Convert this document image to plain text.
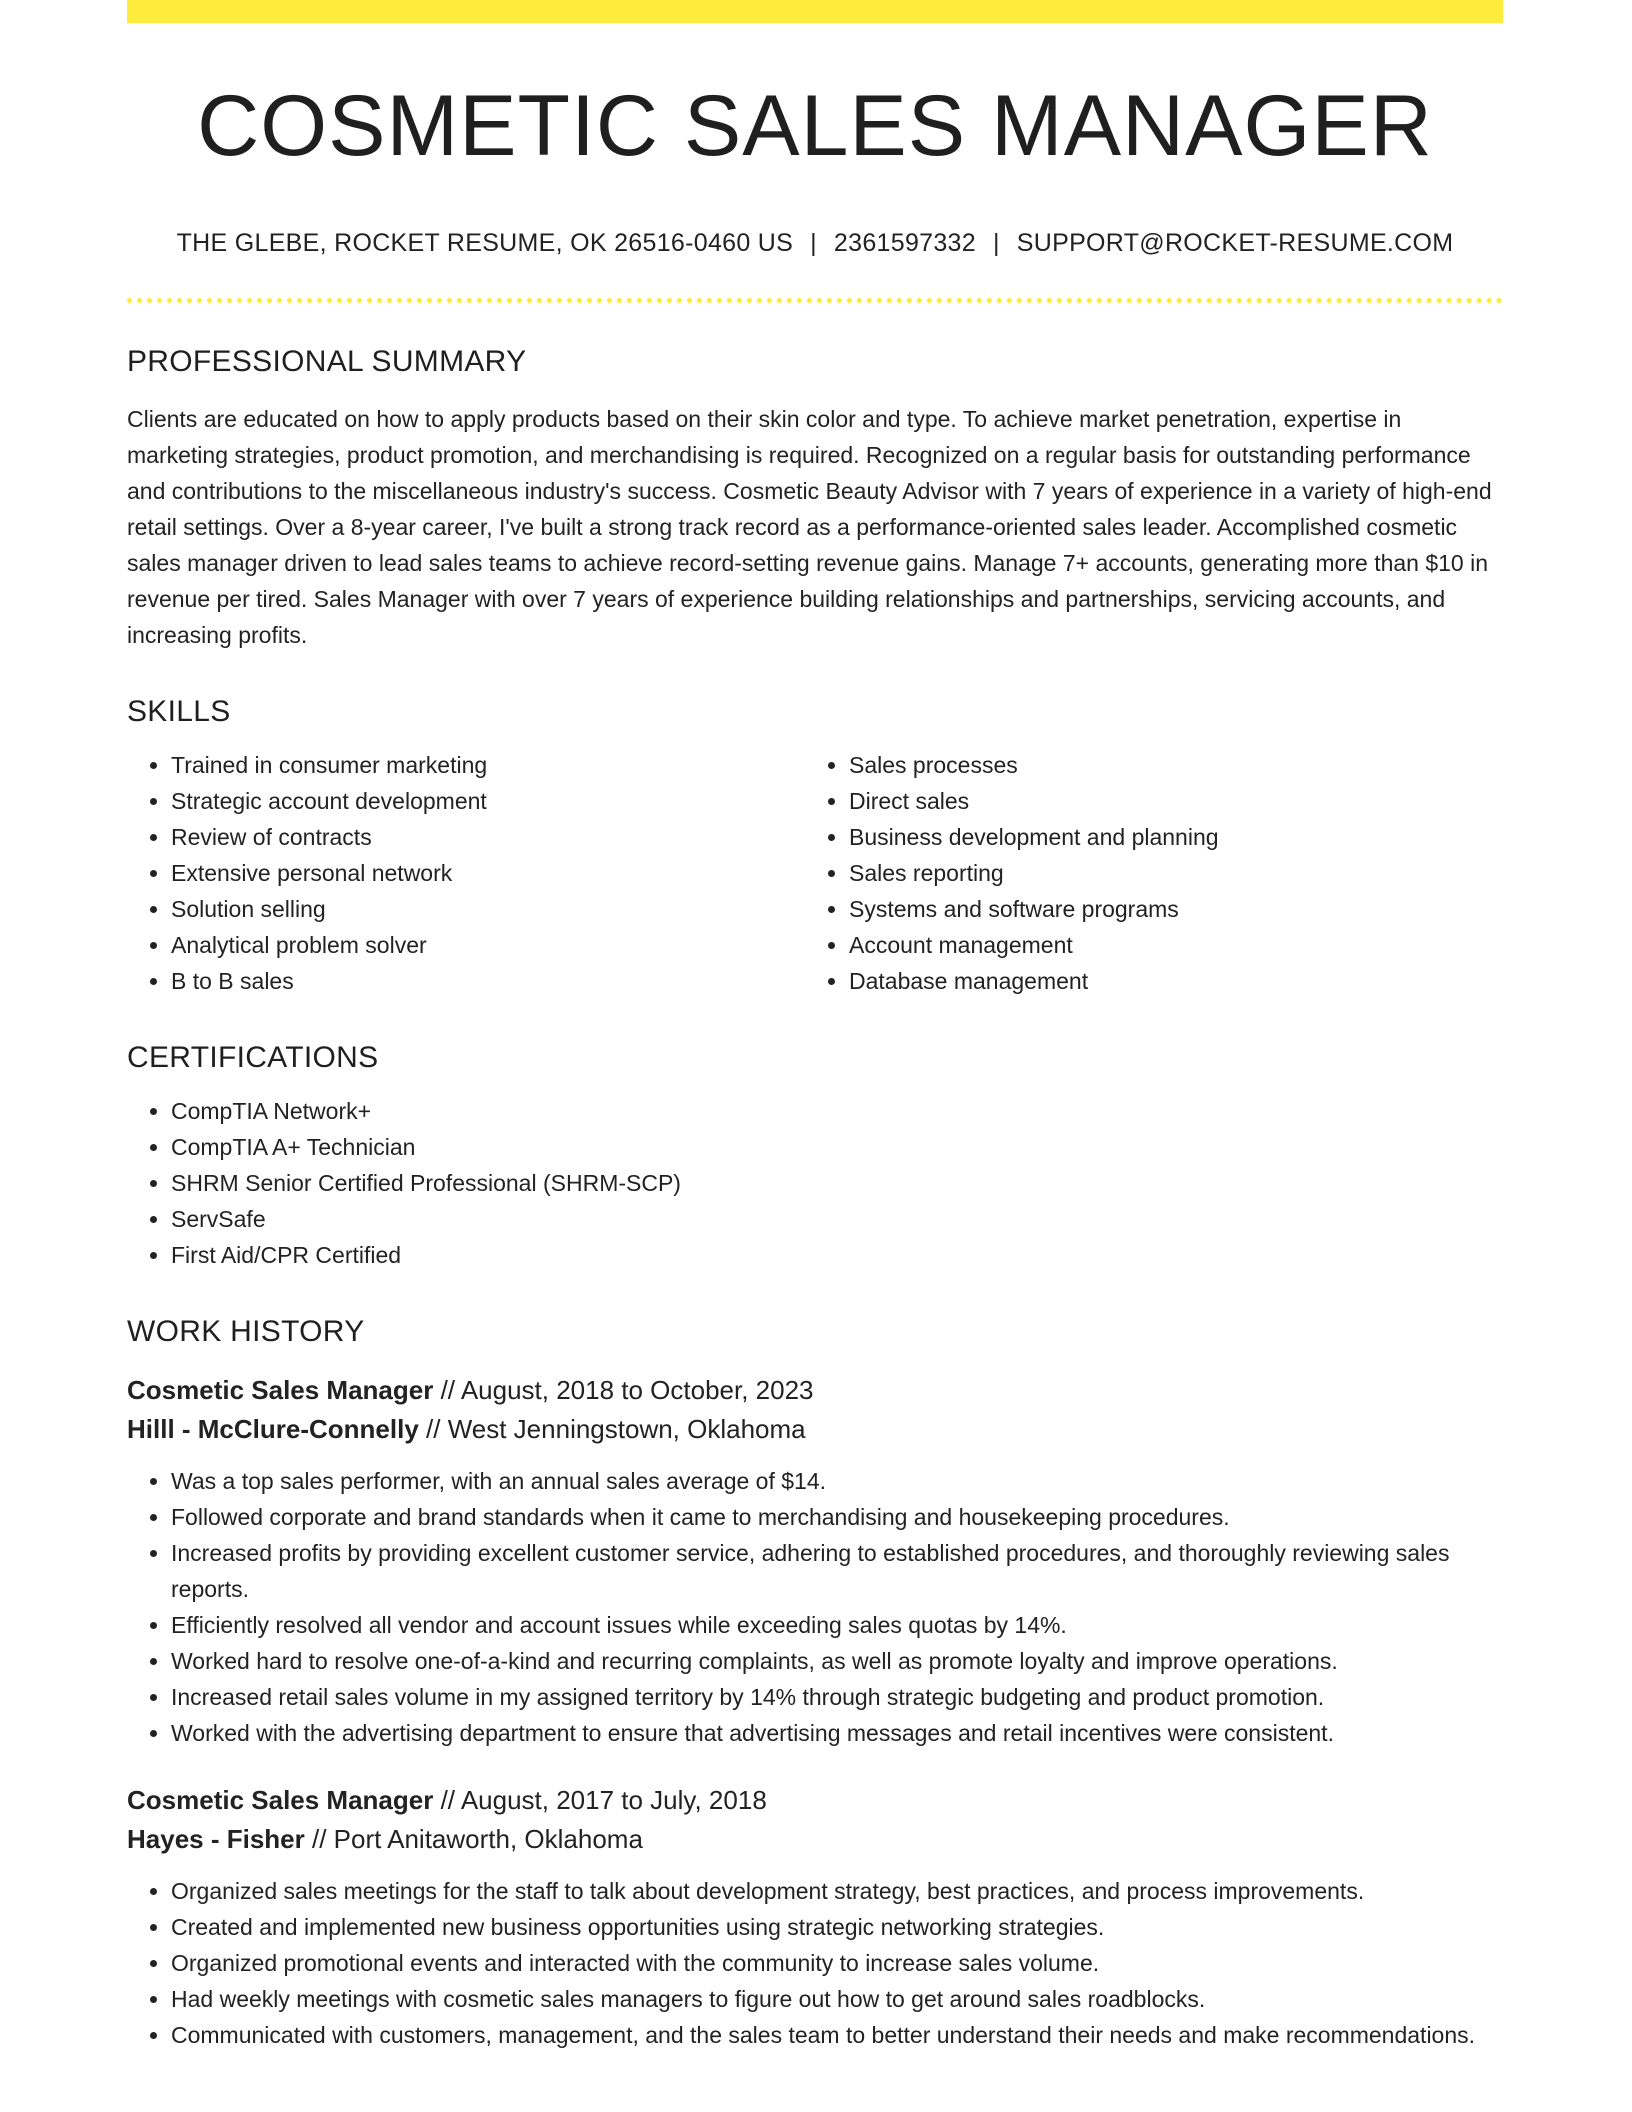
COSMETIC SALES MANAGER
THE GLEBE, ROCKET RESUME, OK 26516-0460 US | 2361597332 | SUPPORT@ROCKET-RESUME.COM
PROFESSIONAL SUMMARY

Clients are educated on how to apply products based on their skin color and type. To achieve market penetration, expertise in marketing strategies, product promotion, and merchandising is required. Recognized on a regular basis for outstanding performance and contributions to the miscellaneous industry's success. Cosmetic Beauty Advisor with 7 years of experience in a variety of high-end retail settings. Over a 8-year career, I've built a strong track record as a performance-oriented sales leader. Accomplished cosmetic sales manager driven to lead sales teams to achieve record-setting revenue gains. Manage 7+ accounts, generating more than $10 in revenue per tired. Sales Manager with over 7 years of experience building relationships and partnerships, servicing accounts, and increasing profits.

SKILLS
• Trained in consumer marketing
• Strategic account development
• Review of contracts
• Extensive personal network
• Solution selling
• Analytical problem solver
• B to B sales
• Sales processes
• Direct sales
• Business development and planning
• Sales reporting
• Systems and software programs
• Account management
• Database management
CERTIFICATIONS
• CompTIA Network+
• CompTIA A+ Technician
• SHRM Senior Certified Professional (SHRM-SCP)
• ServSafe
• First Aid/CPR Certified
WORK HISTORY
Cosmetic Sales Manager // August, 2018 to October, 2023
Hilll - McClure-Connelly // West Jenningstown, Oklahoma
• Was a top sales performer, with an annual sales average of $14.
• Followed corporate and brand standards when it came to merchandising and housekeeping procedures.
• Increased profits by providing excellent customer service, adhering to established procedures, and thoroughly reviewing sales reports.
• Efficiently resolved all vendor and account issues while exceeding sales quotas by 14%.
• Worked hard to resolve one-of-a-kind and recurring complaints, as well as promote loyalty and improve operations.
• Increased retail sales volume in my assigned territory by 14% through strategic budgeting and product promotion.
• Worked with the advertising department to ensure that advertising messages and retail incentives were consistent.
Cosmetic Sales Manager // August, 2017 to July, 2018
Hayes - Fisher // Port Anitaworth, Oklahoma
• Organized sales meetings for the staff to talk about development strategy, best practices, and process improvements.
• Created and implemented new business opportunities using strategic networking strategies.
• Organized promotional events and interacted with the community to increase sales volume.
• Had weekly meetings with cosmetic sales managers to figure out how to get around sales roadblocks.
• Communicated with customers, management, and the sales team to better understand their needs and make recommendations.
